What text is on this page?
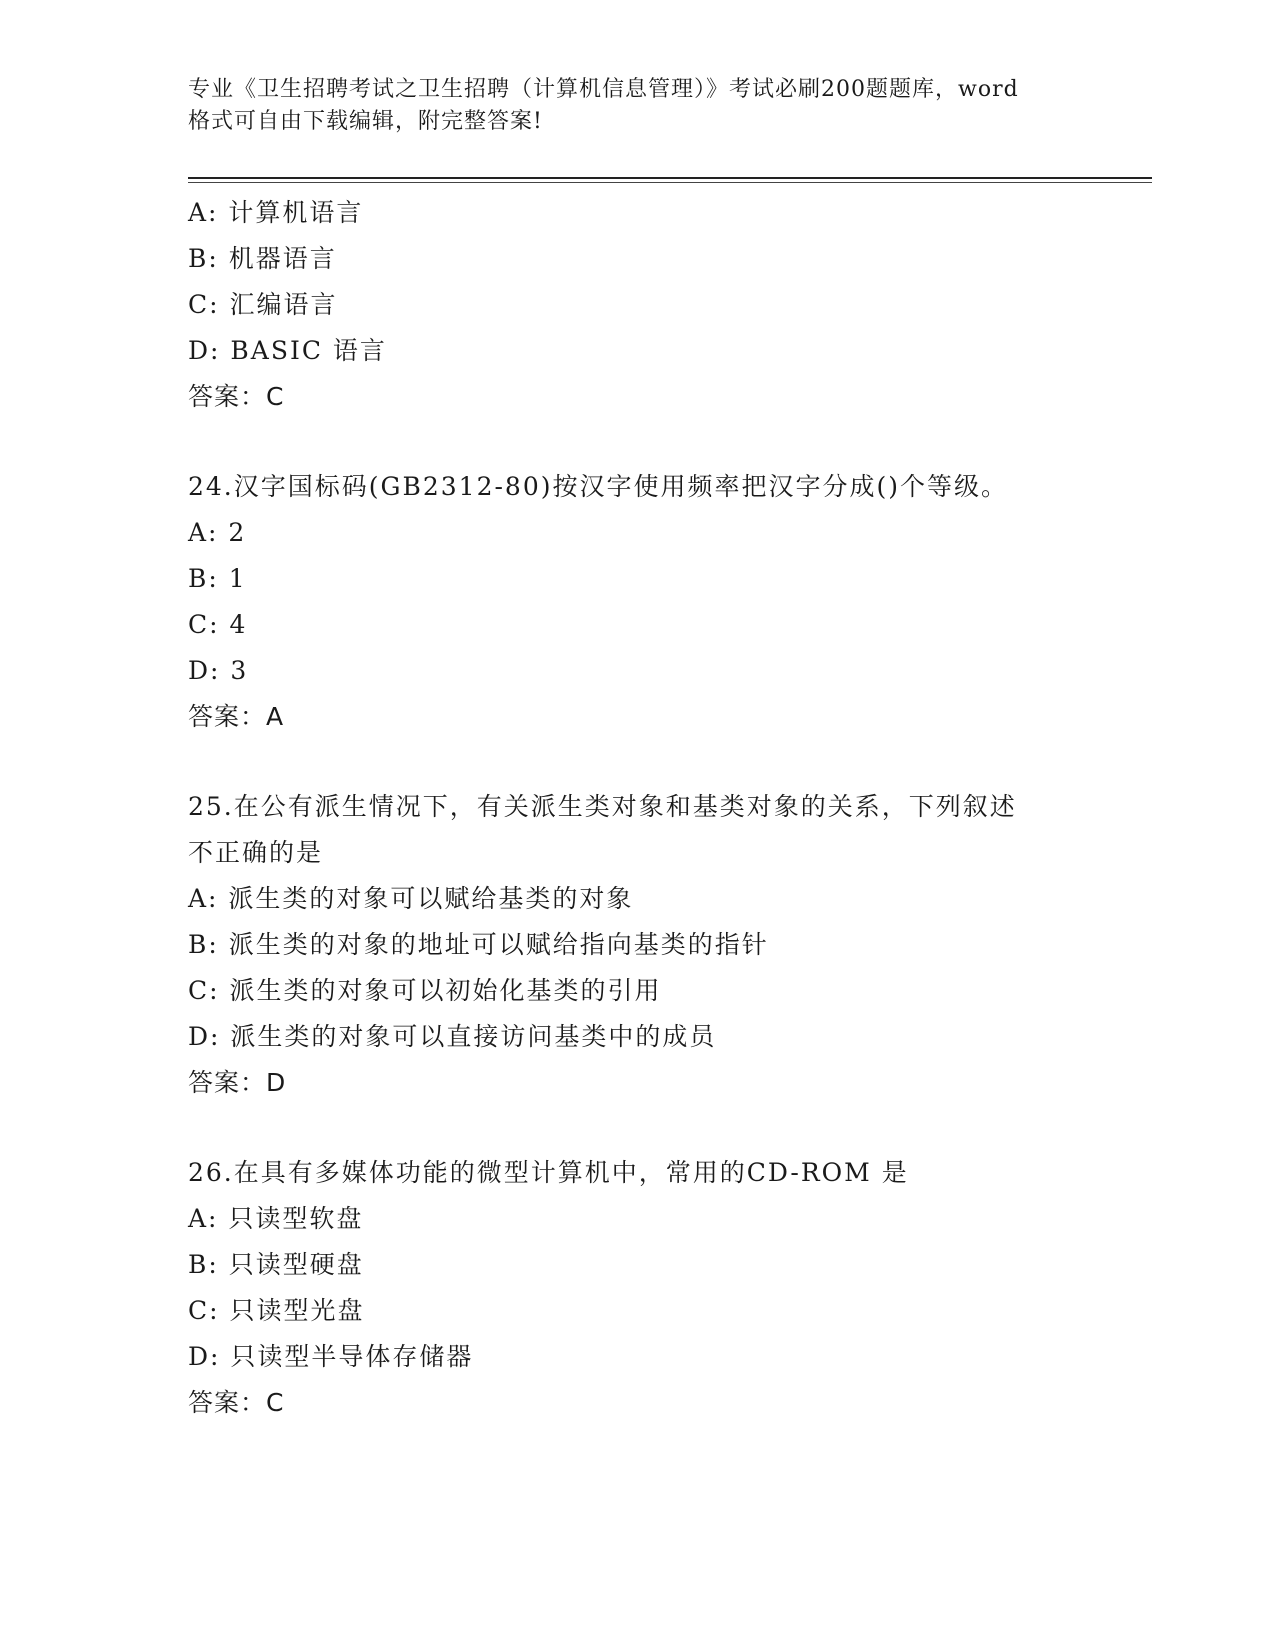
专业《卫生招聘考试之卫生招聘（计算机信息管理）》考试必刷200题题库，word
格式可自由下载编辑，附完整答案!
A: 计算机语言
B: 机器语言
C: 汇编语言
D: BASIC 语言
答案：C
24.汉字国标码(GB2312-80)按汉字使用频率把汉字分成()个等级。
A: 2
B: 1
C: 4
D: 3
答案：A
25.在公有派生情况下，有关派生类对象和基类对象的关系，下列叙述
不正确的是
A: 派生类的对象可以赋给基类的对象
B: 派生类的对象的地址可以赋给指向基类的指针
C: 派生类的对象可以初始化基类的引用
D: 派生类的对象可以直接访问基类中的成员
答案：D
26.在具有多媒体功能的微型计算机中，常用的CD-ROM 是
A: 只读型软盘
B: 只读型硬盘
C: 只读型光盘
D: 只读型半导体存储器
答案：C
